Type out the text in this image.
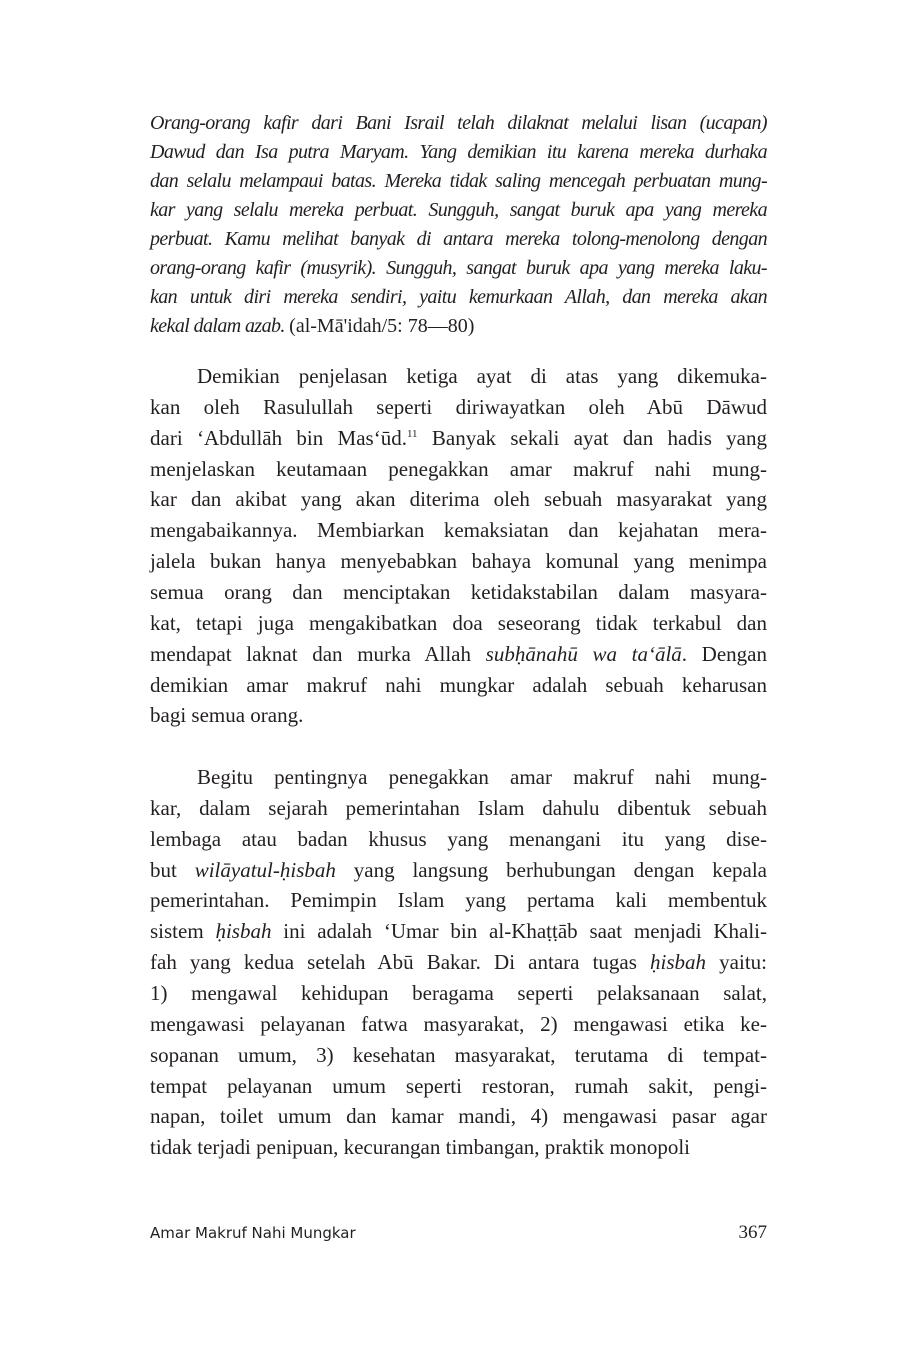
Orang-orang kafir dari Bani Israil telah dilaknat melalui lisan (ucapan)
Dawud dan Isa putra Maryam. Yang demikian itu karena mereka durhaka
dan selalu melampaui batas. Mereka tidak saling mencegah perbuatan mung-
kar yang selalu mereka perbuat. Sungguh, sangat buruk apa yang mereka
perbuat. Kamu melihat banyak di antara mereka tolong-menolong dengan
orang-orang kafir (musyrik). Sungguh, sangat buruk apa yang mereka laku-
kan untuk diri mereka sendiri, yaitu kemurkaan Allah, dan mereka akan
kekal dalam azab. (al-Mā'idah/5: 78—80)
Demikian penjelasan ketiga ayat di atas yang dikemuka-
kan oleh Rasulullah seperti diriwayatkan oleh Abū Dāwud
dari ‘Abdullāh bin Mas‘ūd.$^{11}$ Banyak sekali ayat dan hadis yang
menjelaskan keutamaan penegakkan amar makruf nahi mung-
kar dan akibat yang akan diterima oleh sebuah masyarakat yang
mengabaikannya. Membiarkan kemaksiatan dan kejahatan mera-
jalela bukan hanya menyebabkan bahaya komunal yang menimpa
semua orang dan menciptakan ketidakstabilan dalam masyara-
kat, tetapi juga mengakibatkan doa seseorang tidak terkabul dan
mendapat laknat dan murka Allah subḥānahū wa ta‘ālā. Dengan
demikian amar makruf nahi mungkar adalah sebuah keharusan
bagi semua orang.
Begitu pentingnya penegakkan amar makruf nahi mung-
kar, dalam sejarah pemerintahan Islam dahulu dibentuk sebuah
lembaga atau badan khusus yang menangani itu yang dise-
but wilāyatul-ḥisbah yang langsung berhubungan dengan kepala
pemerintahan. Pemimpin Islam yang pertama kali membentuk
sistem ḥisbah ini adalah ‘Umar bin al-Khaṭṭāb saat menjadi Khali-
fah yang kedua setelah Abū Bakar. Di antara tugas ḥisbah yaitu:
1) mengawal kehidupan beragama seperti pelaksanaan salat,
mengawasi pelayanan fatwa masyarakat, 2) mengawasi etika ke-
sopanan umum, 3) kesehatan masyarakat, terutama di tempat-
tempat pelayanan umum seperti restoran, rumah sakit, pengi-
napan, toilet umum dan kamar mandi, 4) mengawasi pasar agar
tidak terjadi penipuan, kecurangan timbangan, praktik monopoli
Amar Makruf Nahi Mungkar	367
